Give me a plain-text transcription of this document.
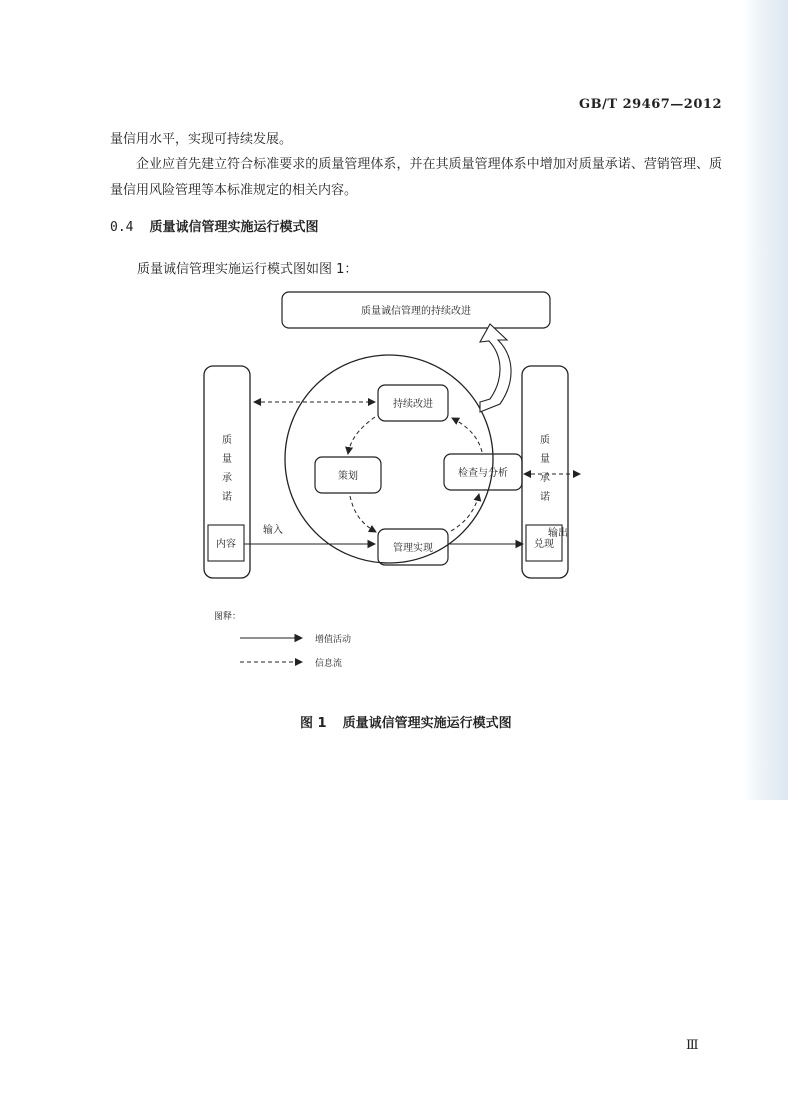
GB/T 29467—2012

量信用水平，实现可持续发展。

企业应首先建立符合标准要求的质量管理体系，并在其质量管理体系中增加对质量承诺、营销管理、质量信用风险管理等本标准规定的相关内容。

0.4 质量诚信管理实施运行模式图
质量诚信管理实施运行模式图如图 1：
质量诚信管理的持续改进
质
量
承
诺
内容
质
量
承
诺
兑现
持续改进
策划	检查与分析
管理实现
输入
图释：
增值活动
信息流
输出
图 1 质量诚信管理实施运行模式图
Ⅲ
